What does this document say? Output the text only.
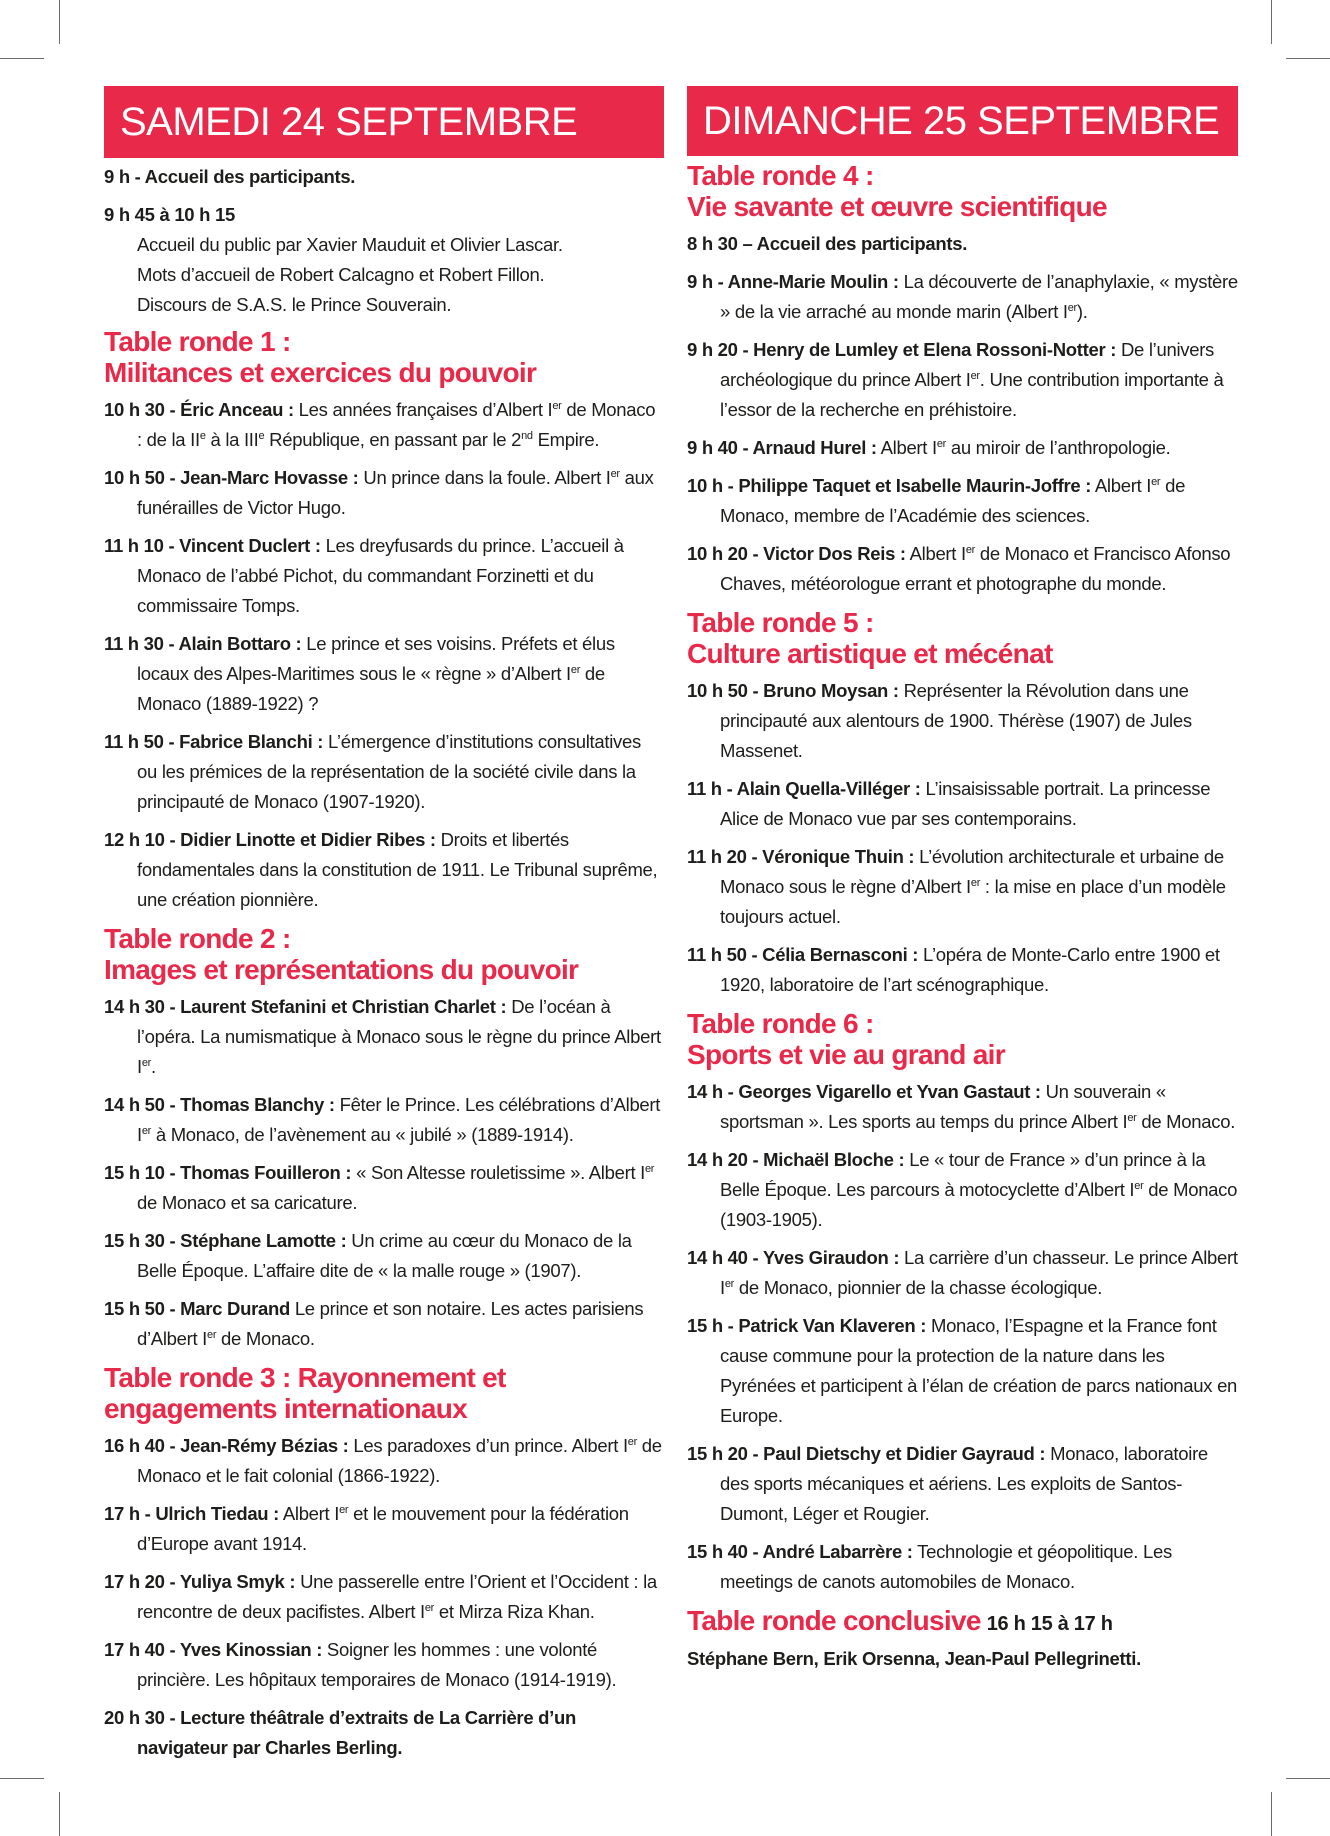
SAMEDI 24 SEPTEMBRE
9 h - Accueil des participants.
9 h 45 à 10 h 15
Accueil du public par Xavier Mauduit et Olivier Lascar.
Mots d’accueil de Robert Calcagno et Robert Fillon.
Discours de S.A.S. le Prince Souverain.
Table ronde 1 :
Militances et exercices du pouvoir
10 h 30 - Éric Anceau : Les années françaises d’Albert Ier de Monaco : de la IIe à la IIIe République, en passant par le 2nd Empire.
10 h 50 - Jean-Marc Hovasse : Un prince dans la foule. Albert Ier aux funérailles de Victor Hugo.
11 h 10 - Vincent Duclert : Les dreyfusards du prince. L’accueil à Monaco de l’abbé Pichot, du commandant Forzinetti et du commissaire Tomps.
11 h 30 - Alain Bottaro : Le prince et ses voisins. Préfets et élus locaux des Alpes-Maritimes sous le « règne » d’Albert Ier de Monaco (1889-1922) ?
11 h 50 - Fabrice Blanchi : L’émergence d’institutions consultatives ou les prémices de la représentation de la société civile dans la principauté de Monaco (1907-1920).
12 h 10 - Didier Linotte et Didier Ribes : Droits et libertés fondamentales dans la constitution de 1911. Le Tribunal suprême, une création pionnière.
Table ronde 2 :
Images et représentations du pouvoir
14 h 30 - Laurent Stefanini et Christian Charlet : De l’océan à l’opéra. La numismatique à Monaco sous le règne du prince Albert Ier.
14 h 50 - Thomas Blanchy : Fêter le Prince. Les célébrations d’Albert Ier à Monaco, de l’avènement au « jubilé » (1889-1914).
15 h 10 - Thomas Fouilleron : « Son Altesse rouletissime ». Albert Ier de Monaco et sa caricature.
15 h 30 - Stéphane Lamotte : Un crime au cœur du Monaco de la Belle Époque. L’affaire dite de « la malle rouge » (1907).
15 h 50 - Marc Durand Le prince et son notaire. Les actes parisiens d’Albert Ier de Monaco.
Table ronde 3 : Rayonnement et
engagements internationaux
16 h 40 - Jean-Rémy Bézias : Les paradoxes d’un prince. Albert Ier de Monaco et le fait colonial (1866-1922).
17 h - Ulrich Tiedau : Albert Ier et le mouvement pour la fédération d’Europe avant 1914.
17 h 20 - Yuliya Smyk : Une passerelle entre l’Orient et l’Occident : la rencontre de deux pacifistes. Albert Ier et Mirza Riza Khan.
17 h 40 - Yves Kinossian : Soigner les hommes : une volonté princière. Les hôpitaux temporaires de Monaco (1914-1919).
20 h 30 - Lecture théâtrale d’extraits de La Carrière d’un navigateur par Charles Berling.
DIMANCHE 25 SEPTEMBRE
Table ronde 4 :
Vie savante et œuvre scientifique
8 h 30 – Accueil des participants.
9 h - Anne-Marie Moulin : La découverte de l’anaphylaxie, « mystère » de la vie arraché au monde marin (Albert Ier).
9 h 20 - Henry de Lumley et Elena Rossoni-Notter : De l’univers archéologique du prince Albert Ier. Une contribution importante à l’essor de la recherche en préhistoire.
9 h 40 - Arnaud Hurel : Albert Ier au miroir de l’anthropologie.
10 h - Philippe Taquet et Isabelle Maurin-Joffre : Albert Ier de Monaco, membre de l’Académie des sciences.
10 h 20 - Victor Dos Reis : Albert Ier de Monaco et Francisco Afonso Chaves, météorologue errant et photographe du monde.
Table ronde 5 :
Culture artistique et mécénat
10 h 50 - Bruno Moysan : Représenter la Révolution dans une principauté aux alentours de 1900. Thérèse (1907) de Jules Massenet.
11 h - Alain Quella-Villéger : L’insaisissable portrait. La princesse Alice de Monaco vue par ses contemporains.
11 h 20 - Véronique Thuin : L’évolution architecturale et urbaine de Monaco sous le règne d’Albert Ier : la mise en place d’un modèle toujours actuel.
11 h 50 - Célia Bernasconi : L’opéra de Monte-Carlo entre 1900 et 1920, laboratoire de l’art scénographique.
Table ronde 6 :
Sports et vie au grand air
14 h - Georges Vigarello et Yvan Gastaut : Un souverain « sportsman ». Les sports au temps du prince Albert Ier de Monaco.
14 h 20 - Michaël Bloche : Le « tour de France » d’un prince à la Belle Époque. Les parcours à motocyclette d’Albert Ier de Monaco (1903-1905).
14 h 40 - Yves Giraudon : La carrière d’un chasseur. Le prince Albert Ier de Monaco, pionnier de la chasse écologique.
15 h - Patrick Van Klaveren : Monaco, l’Espagne et la France font cause commune pour la protection de la nature dans les Pyrénées et participent à l’élan de création de parcs nationaux en Europe.
15 h 20 - Paul Dietschy et Didier Gayraud : Monaco, laboratoire des sports mécaniques et aériens. Les exploits de Santos-Dumont, Léger et Rougier.
15 h 40 - André Labarrère : Technologie et géopolitique. Les meetings de canots automobiles de Monaco.
Table ronde conclusive 16 h 15 à 17 h
Stéphane Bern, Erik Orsenna, Jean-Paul Pellegrinetti.
